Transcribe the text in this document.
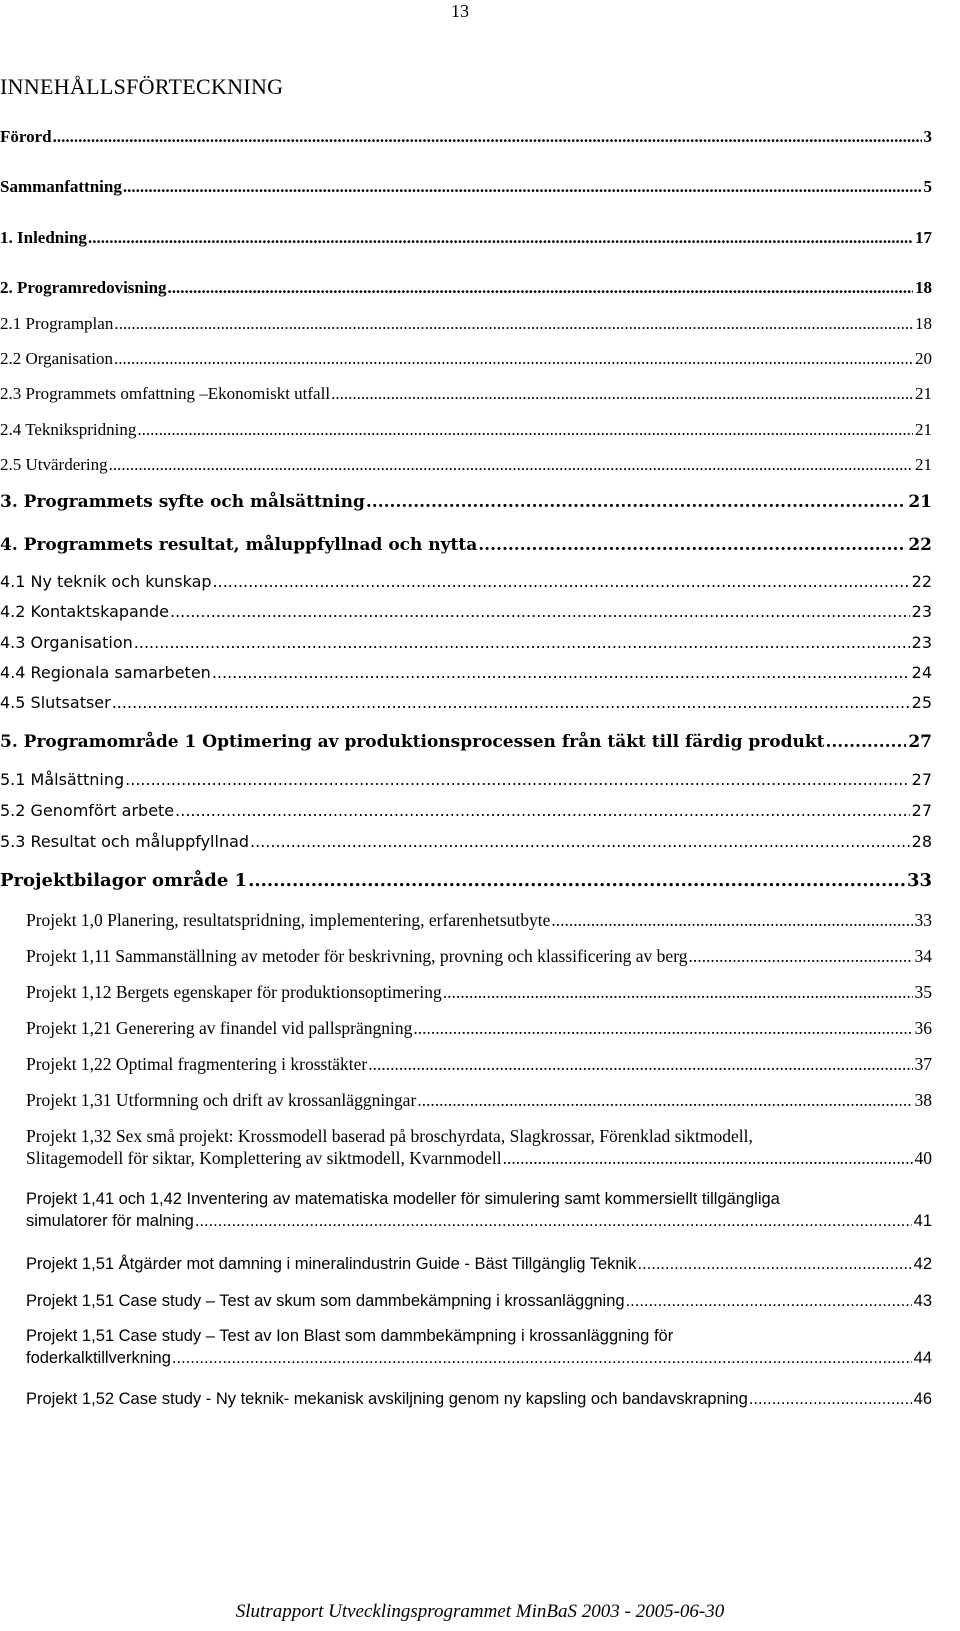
13
INNEHÅLLSFÖRTECKNING
Förord .....	3
Sammanfattning .....	5
1. Inledning .....	17
2. Programredovisning .....	18
2.1 Programplan .....	18
2.2 Organisation .....	20
2.3 Programmets omfattning –Ekonomiskt utfall .....	21
2.4 Teknikspridning .....	21
2.5 Utvärdering .....	21
3. Programmets syfte och målsättning .....	21
4. Programmets resultat, måluppfyllnad och nytta .....	22
4.1 Ny teknik och kunskap .....	22
4.2 Kontaktskapande .....	23
4.3 Organisation .....	23
4.4 Regionala samarbeten .....	24
4.5 Slutsatser .....	25
5. Programområde 1 Optimering av produktionsprocessen från täkt till färdig produkt .....	27
5.1 Målsättning .....	27
5.2 Genomfört arbete .....	27
5.3 Resultat och måluppfyllnad .....	28
Projektbilagor område 1 .....	33
Projekt 1,0 Planering, resultatspridning, implementering, erfarenhetsutbyte .....	33
Projekt 1,11 Sammanställning av metoder för beskrivning, provning och klassificering av berg .....	34
Projekt 1,12 Bergets egenskaper för produktionsoptimering .....	35
Projekt 1,21 Generering av finandel vid pallsprängning .....	36
Projekt 1,22 Optimal fragmentering i krosstäkter .....	37
Projekt 1,31 Utformning och drift av krossanläggningar .....	38
Projekt 1,32 Sex små projekt: Krossmodell baserad på broschyrdata, Slagkrossar, Förenklad siktmodell,
Slitagemodell för siktar, Komplettering av siktmodell, Kvarnmodell .....	40
Projekt 1,41 och 1,42 Inventering av matematiska modeller för simulering samt kommersiellt tillgängliga
simulatorer för malning .....	41
Projekt 1,51 Åtgärder mot damning i mineralindustrin Guide - Bäst Tillgänglig Teknik .....	42
Projekt 1,51 Case study – Test av skum som dammbekämpning i krossanläggning .....	43
Projekt 1,51 Case study – Test av Ion Blast som dammbekämpning i krossanläggning för
foderkalktillverkning .....	44
Projekt 1,52 Case study - Ny teknik- mekanisk avskiljning genom ny kapsling och bandavskrapning .....	46
Slutrapport Utvecklingsprogrammet MinBaS 2003 - 2005-06-30
